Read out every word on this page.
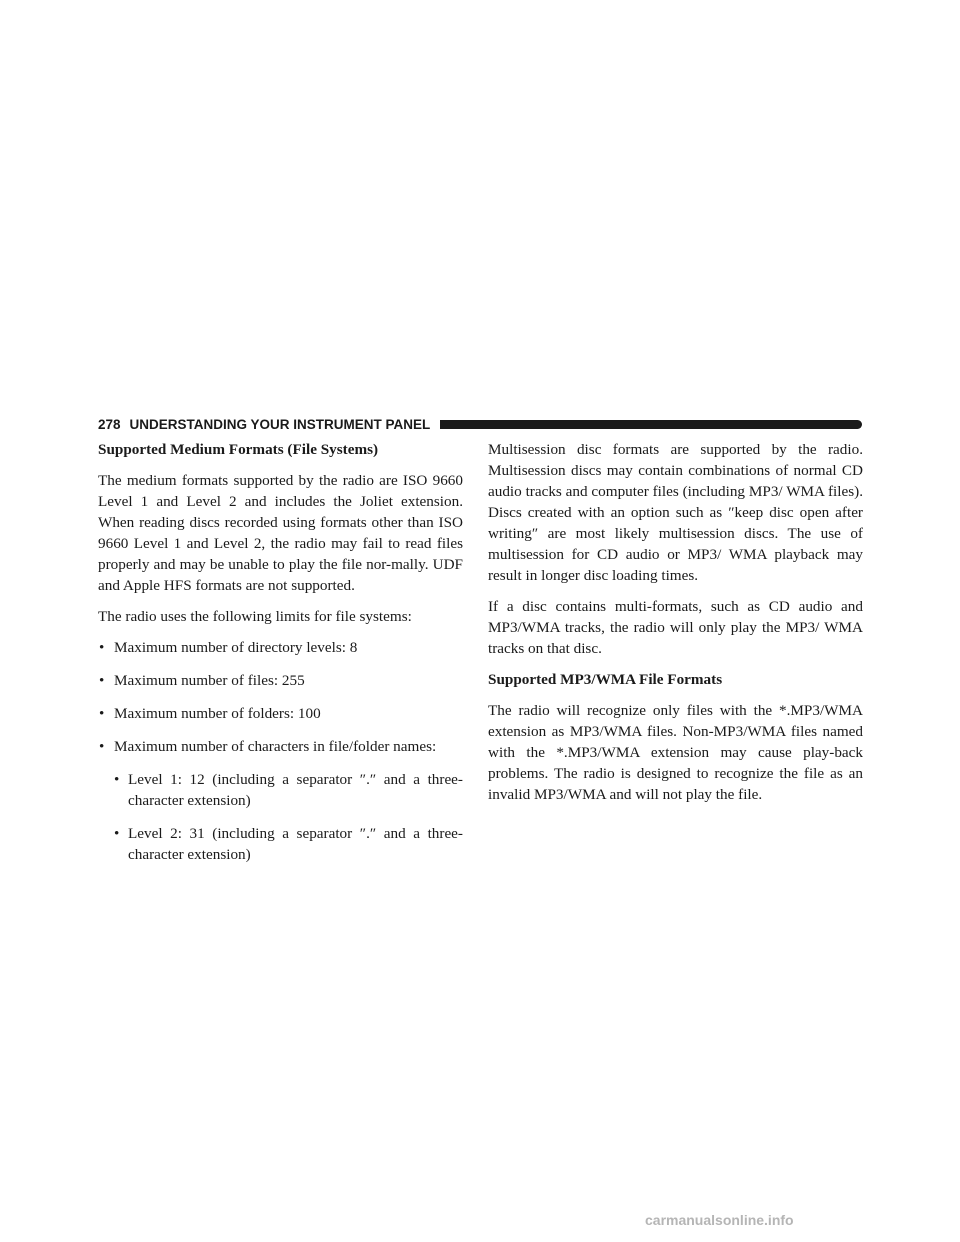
278 UNDERSTANDING YOUR INSTRUMENT PANEL

Supported Medium Formats (File Systems)

The medium formats supported by the radio are ISO 9660 Level 1 and Level 2 and includes the Joliet extension. When reading discs recorded using formats other than ISO 9660 Level 1 and Level 2, the radio may fail to read files properly and may be unable to play the file nor-mally. UDF and Apple HFS formats are not supported.

The radio uses the following limits for file systems:

• Maximum number of directory levels: 8
• Maximum number of files: 255
• Maximum number of folders: 100
• Maximum number of characters in file/folder names:
• Level 1: 12 (including a separator ″.″ and a three-character extension)
• Level 2: 31 (including a separator ″.″ and a three-character extension)

Multisession disc formats are supported by the radio. Multisession discs may contain combinations of normal CD audio tracks and computer files (including MP3/ WMA files). Discs created with an option such as ″keep disc open after writing″ are most likely multisession discs. The use of multisession for CD audio or MP3/ WMA playback may result in longer disc loading times.

If a disc contains multi-formats, such as CD audio and MP3/WMA tracks, the radio will only play the MP3/ WMA tracks on that disc.

Supported MP3/WMA File Formats

The radio will recognize only files with the *.MP3/WMA extension as MP3/WMA files. Non-MP3/WMA files named with the *.MP3/WMA extension may cause play-back problems. The radio is designed to recognize the file as an invalid MP3/WMA and will not play the file.

carmanualsonline.info
